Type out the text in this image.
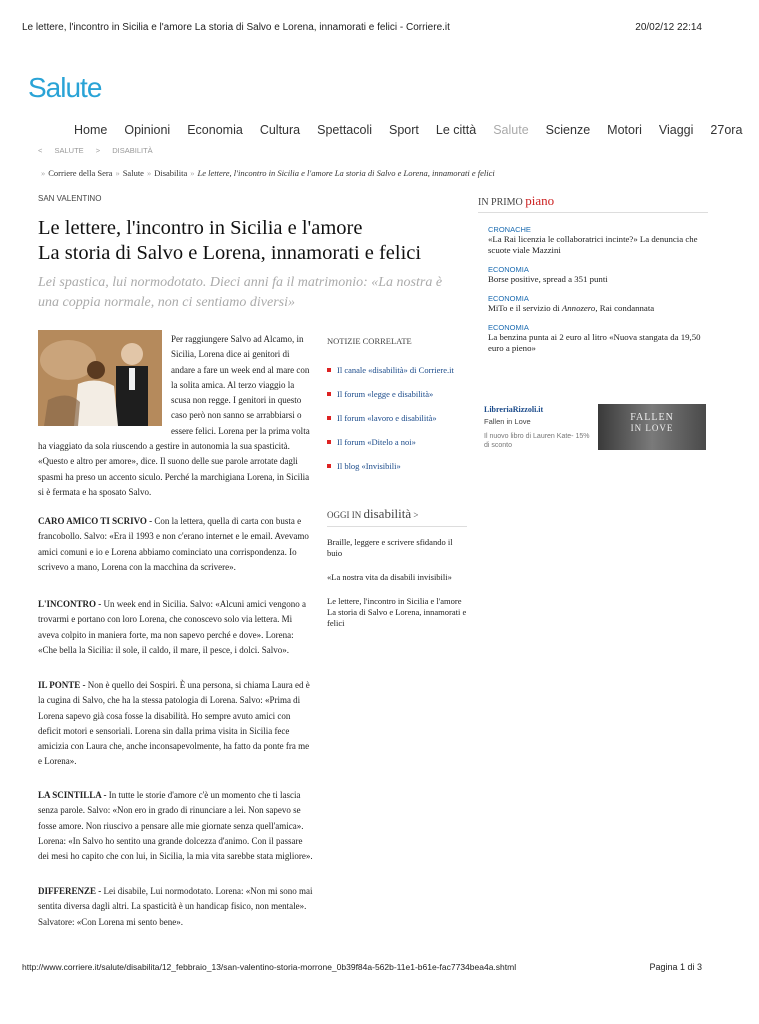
Le lettere, l'incontro in Sicilia e l'amore La storia di Salvo e Lorena, innamorati e felici - Corriere.it	20/02/12 22:14
Salute
Home Opinioni Economia Cultura Spettacoli Sport Le città Salute Scienze Motori Viaggi 27ora
< SALUTE > DISABILITÀ
» Corriere della Sera » Salute » Disabilita » Le lettere, l'incontro in Sicilia e l'amore La storia di Salvo e Lorena, innamorati e felici
SAN VALENTINO
Le lettere, l'incontro in Sicilia e l'amore
La storia di Salvo e Lorena, innamorati e felici
Lei spastica, lui normodotato. Dieci anni fa il matrimonio: «La nostra è una coppia normale, non ci sentiamo diversi»
Per raggiungere Salvo ad Alcamo, in Sicilia, Lorena dice ai genitori di andare a fare un week end al mare con la solita amica. Al terzo viaggio la scusa non regge. I genitori in questo caso però non sanno se arrabbiarsi o essere felici. Lorena per la prima volta ha viaggiato da sola riuscendo a gestire in autonomia la sua spasticità. «Questo e altro per amore», dice. Il suono delle sue parole arrotate dagli spasmi ha preso un accento siculo. Perché la marchigiana Lorena, in Sicilia si è fermata e ha sposato Salvo.
CARO AMICO TI SCRIVO - Con la lettera, quella di carta con busta e francobollo. Salvo: «Era il 1993 e non c'erano internet e le email. Avevamo amici comuni e io e Lorena abbiamo cominciato una corrispondenza. Io scrivevo a mano, Lorena con la macchina da scrivere».
L'INCONTRO - Un week end in Sicilia. Salvo: «Alcuni amici vengono a trovarmi e portano con loro Lorena, che conoscevo solo via lettera. Mi aveva colpito in maniera forte, ma non sapevo perché e dove». Lorena: «Che bella la Sicilia: il sole, il caldo, il mare, il pesce, i dolci. Salvo».
IL PONTE - Non è quello dei Sospiri. È una persona, si chiama Laura ed è la cugina di Salvo, che ha la stessa patologia di Lorena. Salvo: «Prima di Lorena sapevo già cosa fosse la disabilità. Ho sempre avuto amici con deficit motori e sensoriali. Lorena sin dalla prima visita in Sicilia fece amicizia con Laura che, anche inconsapevolmente, ha fatto da ponte fra me e Lorena».
LA SCINTILLA - In tutte le storie d'amore c'è un momento che ti lascia senza parole. Salvo: «Non ero in grado di rinunciare a lei. Non sapevo se fosse amore. Non riuscivo a pensare alle mie giornate senza quell'amica». Lorena: «In Salvo ho sentito una grande dolcezza d'animo. Con il passare dei mesi ho capito che con lui, in Sicilia, la mia vita sarebbe stata migliore».
DIFFERENZE - Lei disabile, Lui normodotato. Lorena: «Non mi sono mai sentita diversa dagli altri. La spasticità è un handicap fisico, non mentale». Salvatore: «Con Lorena mi sento bene».
NOTIZIE CORRELATE
Il canale «disabilità» di Corriere.it
Il forum «legge e disabilità»
Il forum «lavoro e disabilità»
Il forum «Ditelo a noi»
Il blog «Invisibili»
OGGI IN disabilità >
Braille, leggere e scrivere sfidando il buio
«La nostra vita da disabili invisibili»
Le lettere, l'incontro in Sicilia e l'amore
La storia di Salvo e Lorena, innamorati e felici
IN PRIMO piano
CRONACHE
«La Rai licenzia le collaboratrici incinte?» La denuncia che scuote viale Mazzini
ECONOMIA
Borse positive, spread a 351 punti
ECONOMIA
MiTo e il servizio di Annozero, Rai condannata
ECONOMIA
La benzina punta ai 2 euro al litro «Nuova stangata da 19,50 euro a pieno»
LibreriaRizzoli.it
Fallen in Love
Il nuovo libro di Lauren Kate- 15% di sconto
FALLEN
IN LOVE
http://www.corriere.it/salute/disabilita/12_febbraio_13/san-valentino-storia-morrone_0b39f84a-562b-11e1-b61e-fac7734bea4a.shtml	Pagina 1 di 3
